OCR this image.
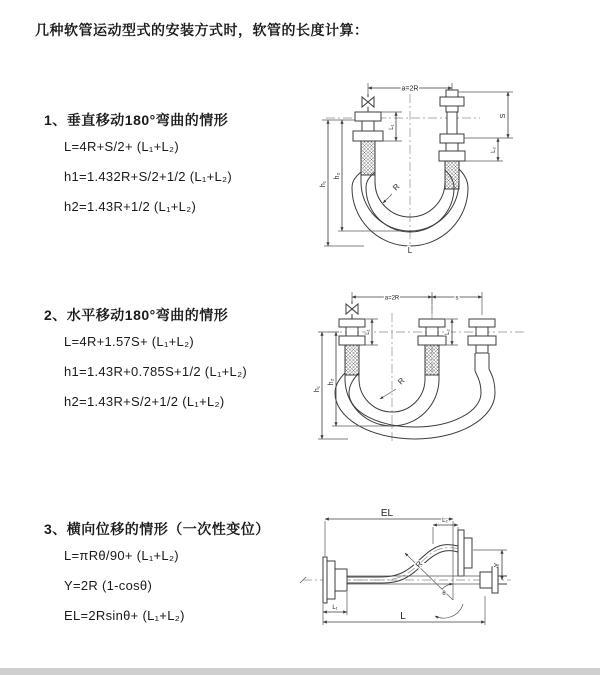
几种软管运动型式的安装方式时，软管的长度计算：
1、垂直移动180°弯曲的情形
L=4R+S/2+ (L₁+L₂)
h1=1.432R+S/2+1/2 (L₁+L₂)
h2=1.43R+1/2 (L₁+L₂)
2、水平移动180°弯曲的情形
L=4R+1.57S+ (L₁+L₂)
h1=1.43R+0.785S+1/2 (L₁+L₂)
h2=1.43R+S/2+1/2 (L₁+L₂)
3、横向位移的情形（一次性变位）
L=πRθ/90+ (L₁+L₂)
Y=2R (1-cosθ)
EL=2Rsinθ+ (L₁+L₂)
a=2R
h₁
h₂
L₁
S
L₂
R
L
a=2R	s
h₁
h₂
L₁	L₂
R
EL
L₂
Y
R
θ
L₁
L
